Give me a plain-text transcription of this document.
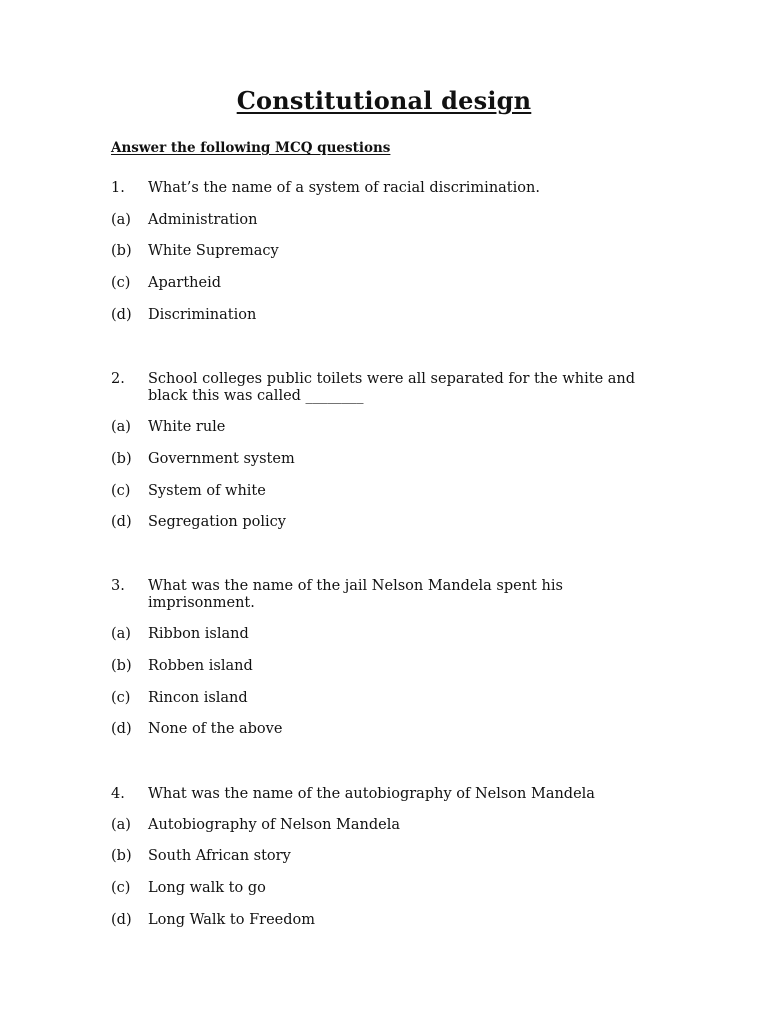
Constitutional design
Answer the following MCQ questions
1. What’s the name of a system of racial discrimination.
(a) Administration
(b) White Supremacy
(c) Apartheid
(d) Discrimination
2. School colleges public toilets were all separated for the white and black this was called ________
(a) White rule
(b) Government system
(c) System of white
(d) Segregation policy
3. What was the name of the jail Nelson Mandela spent his imprisonment.
(a) Ribbon island
(b) Robben island
(c) Rincon island
(d) None of the above
4. What was the name of the autobiography of Nelson Mandela
(a) Autobiography of Nelson Mandela
(b) South African story
(c) Long walk to go
(d) Long Walk to Freedom
